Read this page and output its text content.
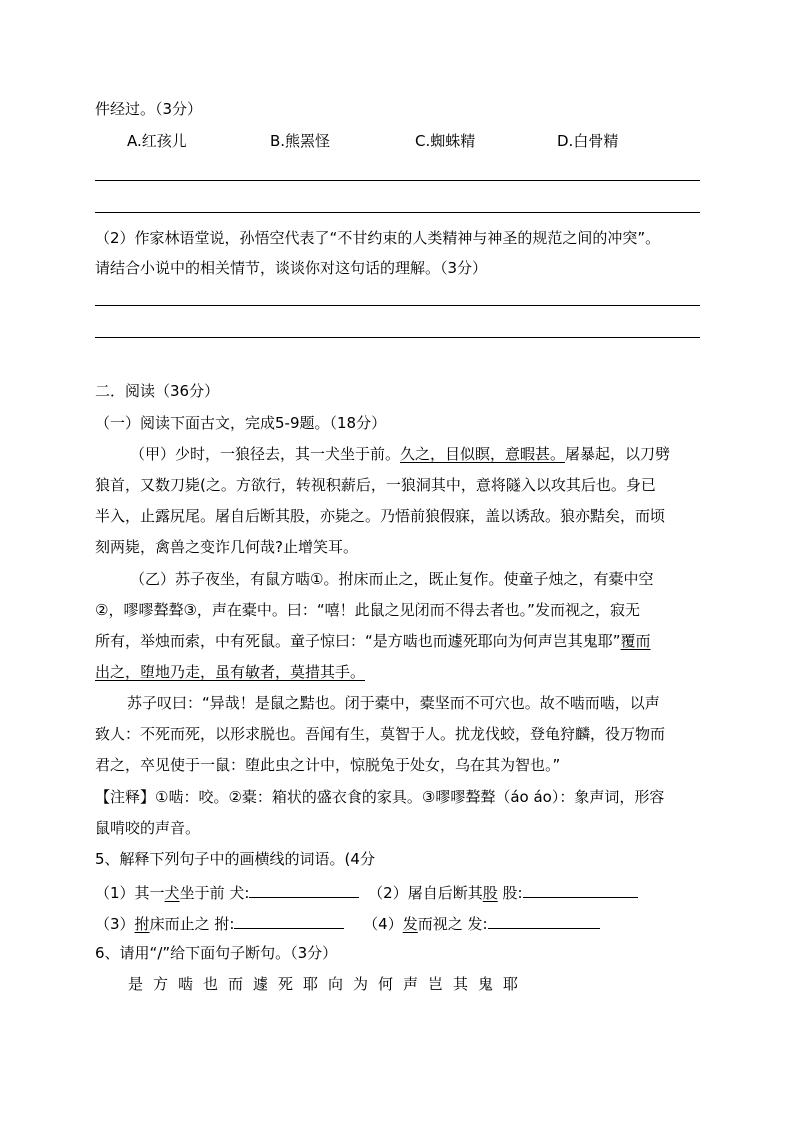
件经过。（3分）
A.红孩儿	B.熊罴怪	C.蜘蛛精	D.白骨精
（2）作家林语堂说，孙悟空代表了“不甘约束的人类精神与神圣的规范之间的冲突”。
请结合小说中的相关情节，谈谈你对这句话的理解。（3分）
二．阅读（36分）
（一）阅读下面古文，完成5-9题。（18分）
（甲）少时，一狼径去，其一犬坐于前。久之，目似瞑，意暇甚。屠暴起，以刀劈
狼首，又数刀毙(之。方欲行，转视积薪后，一狼洞其中，意将隧入以攻其后也。身已
半入，止露尻尾。屠自后断其股，亦毙之。乃悟前狼假寐，盖以诱敌。狼亦黠矣，而顷
刻两毙，禽兽之变诈几何哉?止增笑耳。
（乙）苏子夜坐，有鼠方啮①。拊床而止之，既止复作。使童子烛之，有橐中空
②，嘐嘐聱聱③，声在橐中。曰：“嘻！此鼠之见闭而不得去者也。”发而视之，寂无
所有，举烛而索，中有死鼠。童子惊曰：“是方啮也而遽死耶向为何声岂其鬼耶”覆而
出之，堕地乃走，虽有敏者，莫措其手。
苏子叹曰：“异哉！是鼠之黠也。闭于橐中，橐坚而不可穴也。故不啮而啮，以声
致人：不死而死，以形求脱也。吾闻有生，莫智于人。扰龙伐蛟，登龟狩麟，役万物而
君之，卒见使于一鼠：堕此虫之计中，惊脱兔于处女，乌在其为智也。”
【注释】①啮：咬。②橐：箱状的盛衣食的家具。③嘐嘐聱聱（áo áo）：象声词，形容
鼠啃咬的声音。
5、解释下列句子中的画横线的词语。(4分
（1）其一犬坐于前 犬:	（2）屠自后断其股 股:
（3）拊床而止之 拊:	（4）发而视之 发:
6、请用“/”给下面句子断句。（3分）
是方啮也而遽死耶向为何声岂其鬼耶
